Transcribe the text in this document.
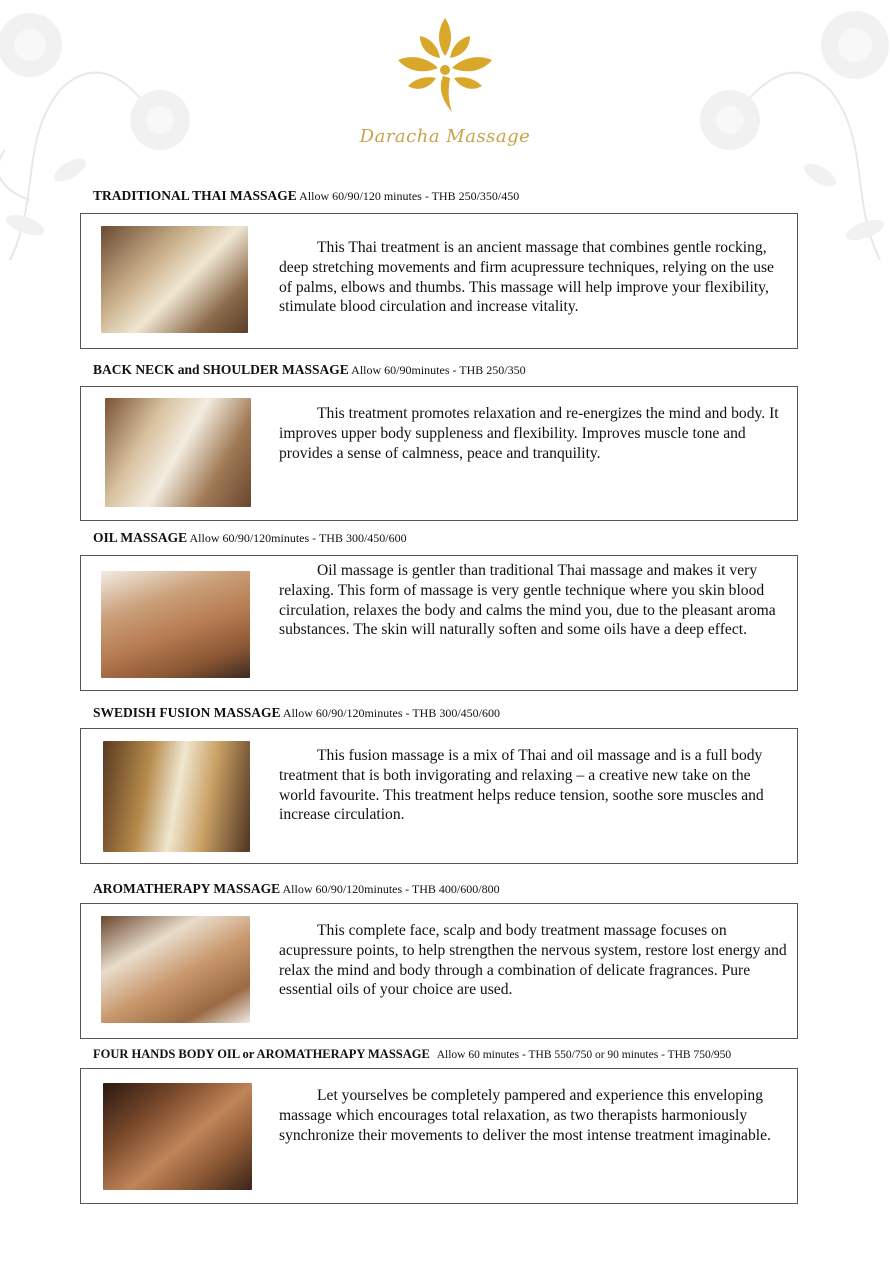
Daracha Massage
TRADITIONAL THAI MASSAGE Allow 60/90/120 minutes - THB 250/350/450

This Thai treatment is an ancient massage that combines gentle rocking, deep stretching movements and firm acupressure techniques, relying on the use of palms, elbows and thumbs. This massage will help improve your flexibility, stimulate blood circulation and increase vitality.

BACK NECK and SHOULDER MASSAGE Allow 60/90minutes - THB 250/350

This treatment promotes relaxation and re-energizes the mind and body. It improves upper body suppleness and flexibility. Improves muscle tone and provides a sense of calmness, peace and tranquility.

OIL MASSAGE Allow 60/90/120minutes - THB 300/450/600

Oil massage is gentler than traditional Thai massage and makes it very relaxing. This form of massage is very gentle technique where you skin blood circulation, relaxes the body and calms the mind you, due to the pleasant aroma substances. The skin will naturally soften and some oils have a deep effect.

SWEDISH FUSION MASSAGE Allow 60/90/120minutes - THB 300/450/600

This fusion massage is a mix of Thai and oil massage and is a full body treatment that is both invigorating and relaxing – a creative new take on the world favourite. This treatment helps reduce tension, soothe sore muscles and increase circulation.

AROMATHERAPY MASSAGE Allow 60/90/120minutes - THB 400/600/800

This complete face, scalp and body treatment massage focuses on acupressure points, to help strengthen the nervous system, restore lost energy and relax the mind and body through a combination of delicate fragrances. Pure essential oils of your choice are used.

FOUR HANDS BODY OIL or AROMATHERAPY MASSAGE Allow 60 minutes - THB 550/750 or 90 minutes - THB 750/950

Let yourselves be completely pampered and experience this enveloping massage which encourages total relaxation, as two therapists harmoniously synchronize their movements to deliver the most intense treatment imaginable.
